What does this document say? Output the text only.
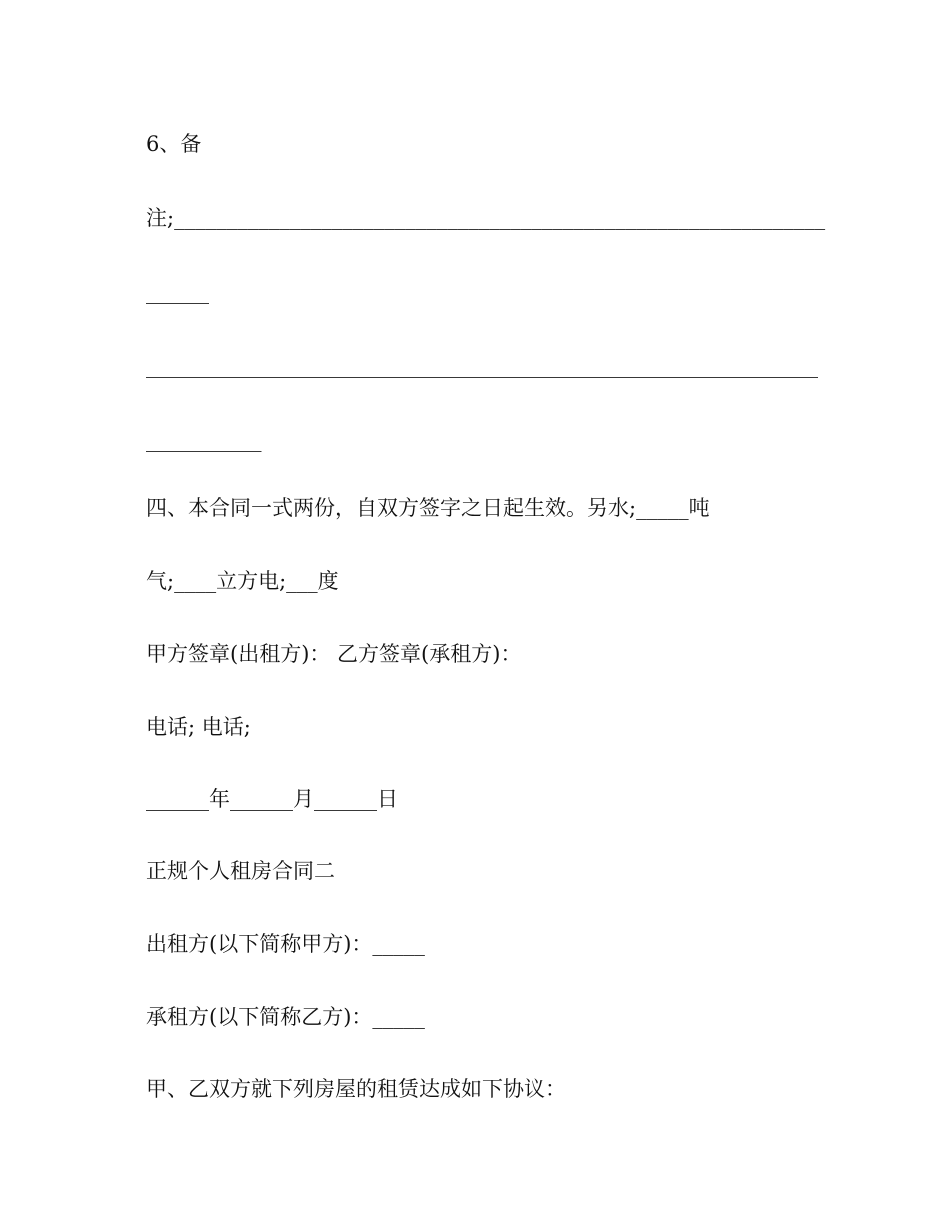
6、备
注;______________________________________________________________
______
________________________________________________________________
___________
四、本合同一式两份，自双方签字之日起生效。另水;_____吨
气;____立方电;___度
甲方签章(出租方)： 乙方签章(承租方)：
电话; 电话;
______年______月______日
正规个人租房合同二
出租方(以下简称甲方)：_____
承租方(以下简称乙方)：_____
甲、乙双方就下列房屋的租赁达成如下协议：
